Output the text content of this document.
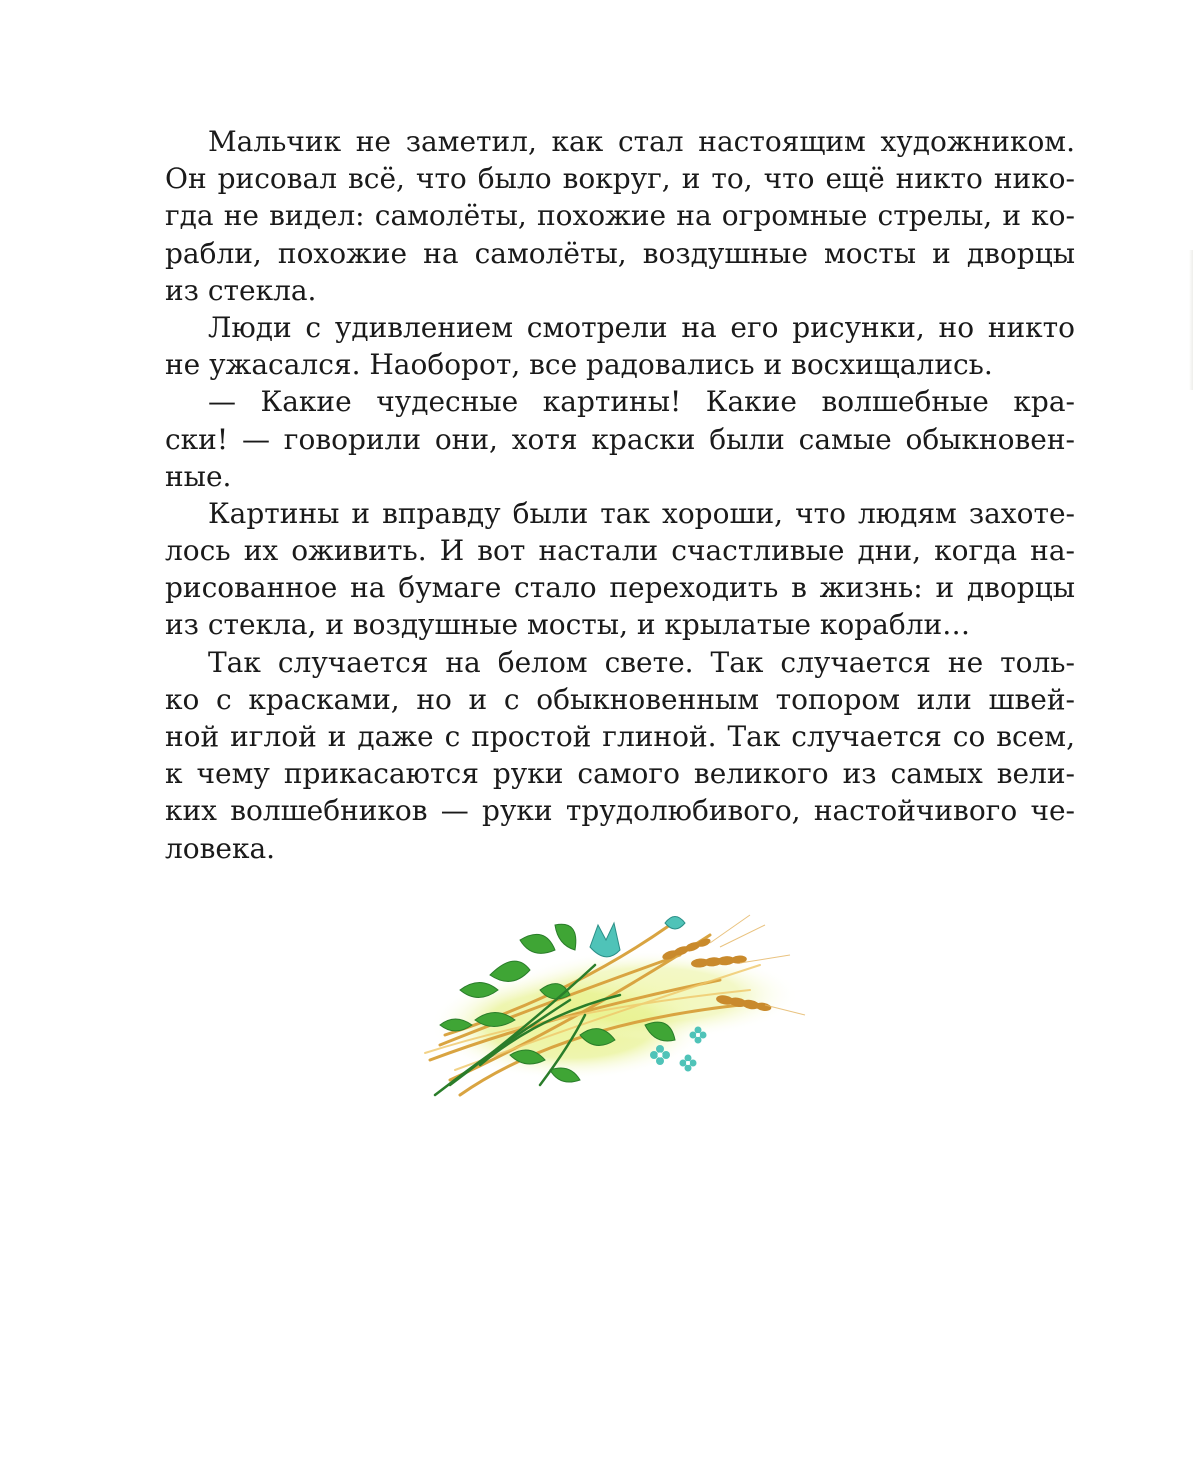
Мальчик не заметил, как стал настоящим художником.
Он рисовал всё, что было вокруг, и то, что ещё никто нико-
гда не видел: самолёты, похожие на огромные стрелы, и ко-
рабли, похожие на самолёты, воздушные мосты и дворцы
из стекла.
Люди с удивлением смотрели на его рисунки, но никто
не ужасался. Наоборот, все радовались и восхищались.
— Какие чудесные картины! Какие волшебные кра-
ски! — говорили они, хотя краски были самые обыкновен-
ные.
Картины и вправду были так хороши, что людям захоте-
лось их оживить. И вот настали счастливые дни, когда на-
рисованное на бумаге стало переходить в жизнь: и дворцы
из стекла, и воздушные мосты, и крылатые корабли…
Так случается на белом свете. Так случается не толь-
ко с красками, но и с обыкновенным топором или швей-
ной иглой и даже с простой глиной. Так случается со всем,
к чему прикасаются руки самого великого из самых вели-
ких волшебников — руки трудолюбивого, настойчивого че-
ловека.
